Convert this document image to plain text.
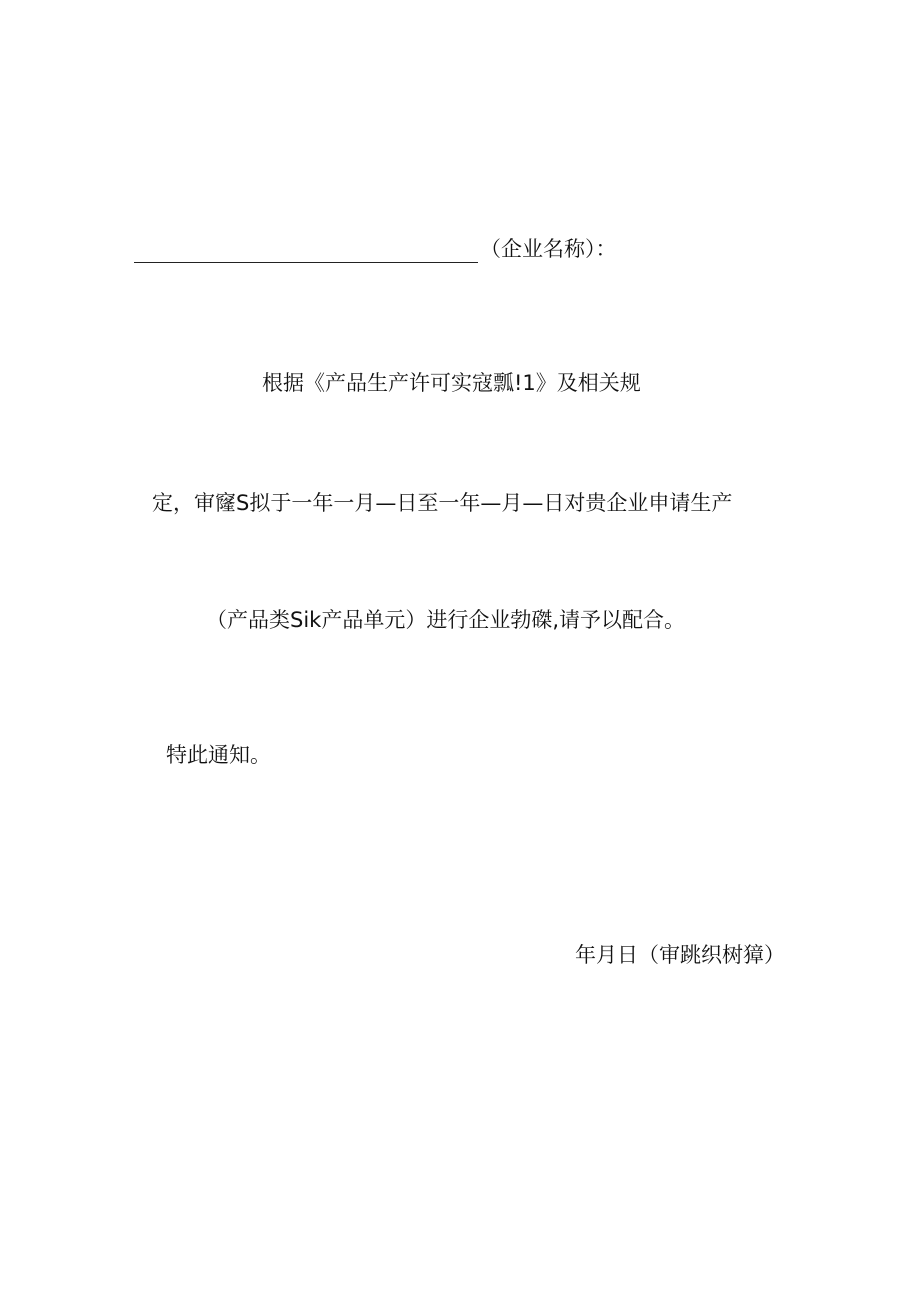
（企业名称）：
根据《产品生产许可实寇瓢!1》及相关规
定，审窿S拟于一年一月—日至一年—月—日对贵企业申请生产
（产品类Sik产品单元）进行企业勃磔,请予以配合。
特此通知。
年月日（审跳织树獐）
